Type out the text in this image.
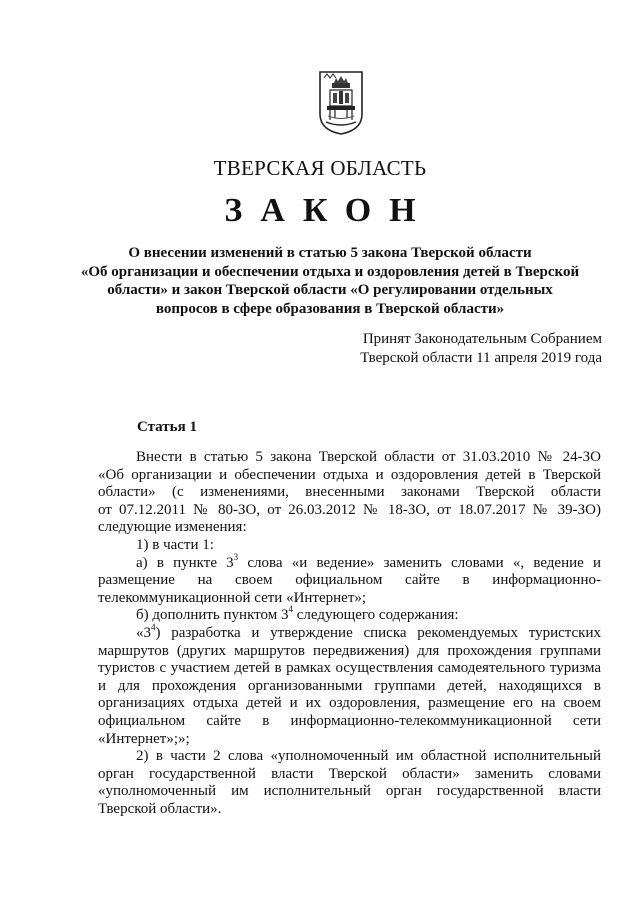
ТВЕРСКАЯ ОБЛАСТЬ
ЗАКОН
О внесении изменений в статью 5 закона Тверской области
«Об организации и обеспечении отдыха и оздоровления детей в Тверской
области» и закон Тверской области «О регулировании отдельных
вопросов в сфере образования в Тверской области»
Принят Законодательным Собранием
Тверской области 11 апреля 2019 года
Статья 1
Внести в статью 5 закона Тверской области от 31.03.2010 № 24-ЗО
«Об организации и обеспечении отдыха и оздоровления детей в Тверской
области» (с изменениями, внесенными законами Тверской области
от 07.12.2011 № 80-ЗО, от 26.03.2012 № 18-ЗО, от 18.07.2017 № 39-ЗО)
следующие изменения:
1) в части 1:
а) в пункте $3^3$ слова «и ведение» заменить словами «, ведение и
размещение на своем официальном сайте в информационно-
телекоммуникационной сети «Интернет»;
б) дополнить пунктом $3^4$ следующего содержания:
«$3^4$) разработка и утверждение списка рекомендуемых туристских
маршрутов (других маршрутов передвижения) для прохождения группами
туристов с участием детей в рамках осуществления самодеятельного туризма
и для прохождения организованными группами детей, находящихся в
организациях отдыха детей и их оздоровления, размещение его на своем
официальном сайте в информационно-телекоммуникационной сети
«Интернет»;»;
2) в части 2 слова «уполномоченный им областной исполнительный
орган государственной власти Тверской области» заменить словами
«уполномоченный им исполнительный орган государственной власти
Тверской области».
